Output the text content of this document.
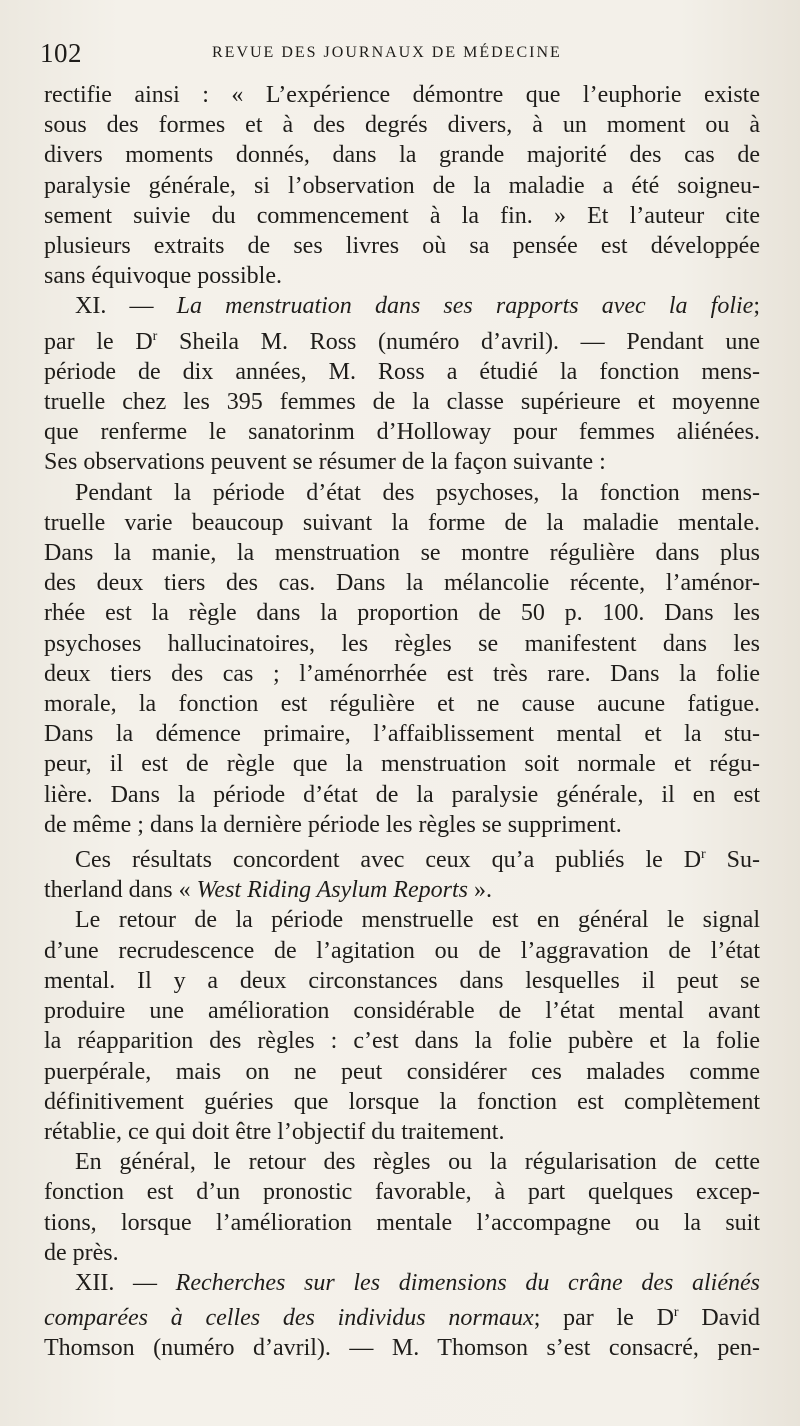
102	REVUE DES JOURNAUX DE MÉDECINE
rectifie ainsi : « L’expérience démontre que l’euphorie existe
sous des formes et à des degrés divers, à un moment ou à
divers moments donnés, dans la grande majorité des cas de
paralysie générale, si l’observation de la maladie a été soigneu-
sement suivie du commencement à la fin. » Et l’auteur cite
plusieurs extraits de ses livres où sa pensée est développée
sans équivoque possible.
XI. — La menstruation dans ses rapports avec la folie;
par le $D^r$ Sheila M. Ross (numéro d’avril). — Pendant une
période de dix années, M. Ross a étudié la fonction mens-
truelle chez les 395 femmes de la classe supérieure et moyenne
que renferme le sanatorinm d’Holloway pour femmes aliénées.
Ses observations peuvent se résumer de la façon suivante :
Pendant la période d’état des psychoses, la fonction mens-
truelle varie beaucoup suivant la forme de la maladie mentale.
Dans la manie, la menstruation se montre régulière dans plus
des deux tiers des cas. Dans la mélancolie récente, l’aménor-
rhée est la règle dans la proportion de 50 p. 100. Dans les
psychoses hallucinatoires, les règles se manifestent dans les
deux tiers des cas ; l’aménorrhée est très rare. Dans la folie
morale, la fonction est régulière et ne cause aucune fatigue.
Dans la démence primaire, l’affaiblissement mental et la stu-
peur, il est de règle que la menstruation soit normale et régu-
lière. Dans la période d’état de la paralysie générale, il en est
de même ; dans la dernière période les règles se suppriment.
Ces résultats concordent avec ceux qu’a publiés le $D^r$ Su-
therland dans « West Riding Asylum Reports ».
Le retour de la période menstruelle est en général le signal
d’une recrudescence de l’agitation ou de l’aggravation de l’état
mental. Il y a deux circonstances dans lesquelles il peut se
produire une amélioration considérable de l’état mental avant
la réapparition des règles : c’est dans la folie pubère et la folie
puerpérale, mais on ne peut considérer ces malades comme
définitivement guéries que lorsque la fonction est complètement
rétablie, ce qui doit être l’objectif du traitement.
En général, le retour des règles ou la régularisation de cette
fonction est d’un pronostic favorable, à part quelques excep-
tions, lorsque l’amélioration mentale l’accompagne ou la suit
de près.
XII. — Recherches sur les dimensions du crâne des aliénés
comparées à celles des individus normaux; par le $D^r$ David
Thomson (numéro d’avril). — M. Thomson s’est consacré, pen-
